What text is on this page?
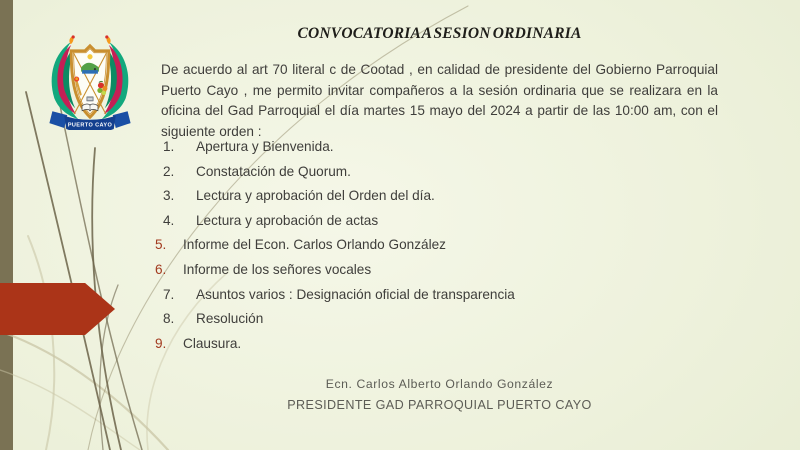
PUERTO CAYO
CONVOCATORIA A SESION ORDINARIA
De acuerdo al art 70 literal c de Cootad , en calidad de presidente del Gobierno Parroquial Puerto Cayo , me permito invitar compañeros a la sesión ordinaria que se realizara en la oficina del Gad Parroquial el día martes 15 mayo del 2024 a partir de las 10:00 am, con el siguiente orden :
1.	Apertura y Bienvenida.
2.	Constatación de Quorum.
3.	Lectura y aprobación del Orden del día.
4.	Lectura y aprobación de actas
5.	Informe del Econ. Carlos Orlando González
6.	Informe de los señores vocales
7.	Asuntos varios : Designación oficial de transparencia
8.	Resolución
9.	Clausura.
Ecn. Carlos Alberto Orlando González
PRESIDENTE GAD PARROQUIAL PUERTO CAYO
